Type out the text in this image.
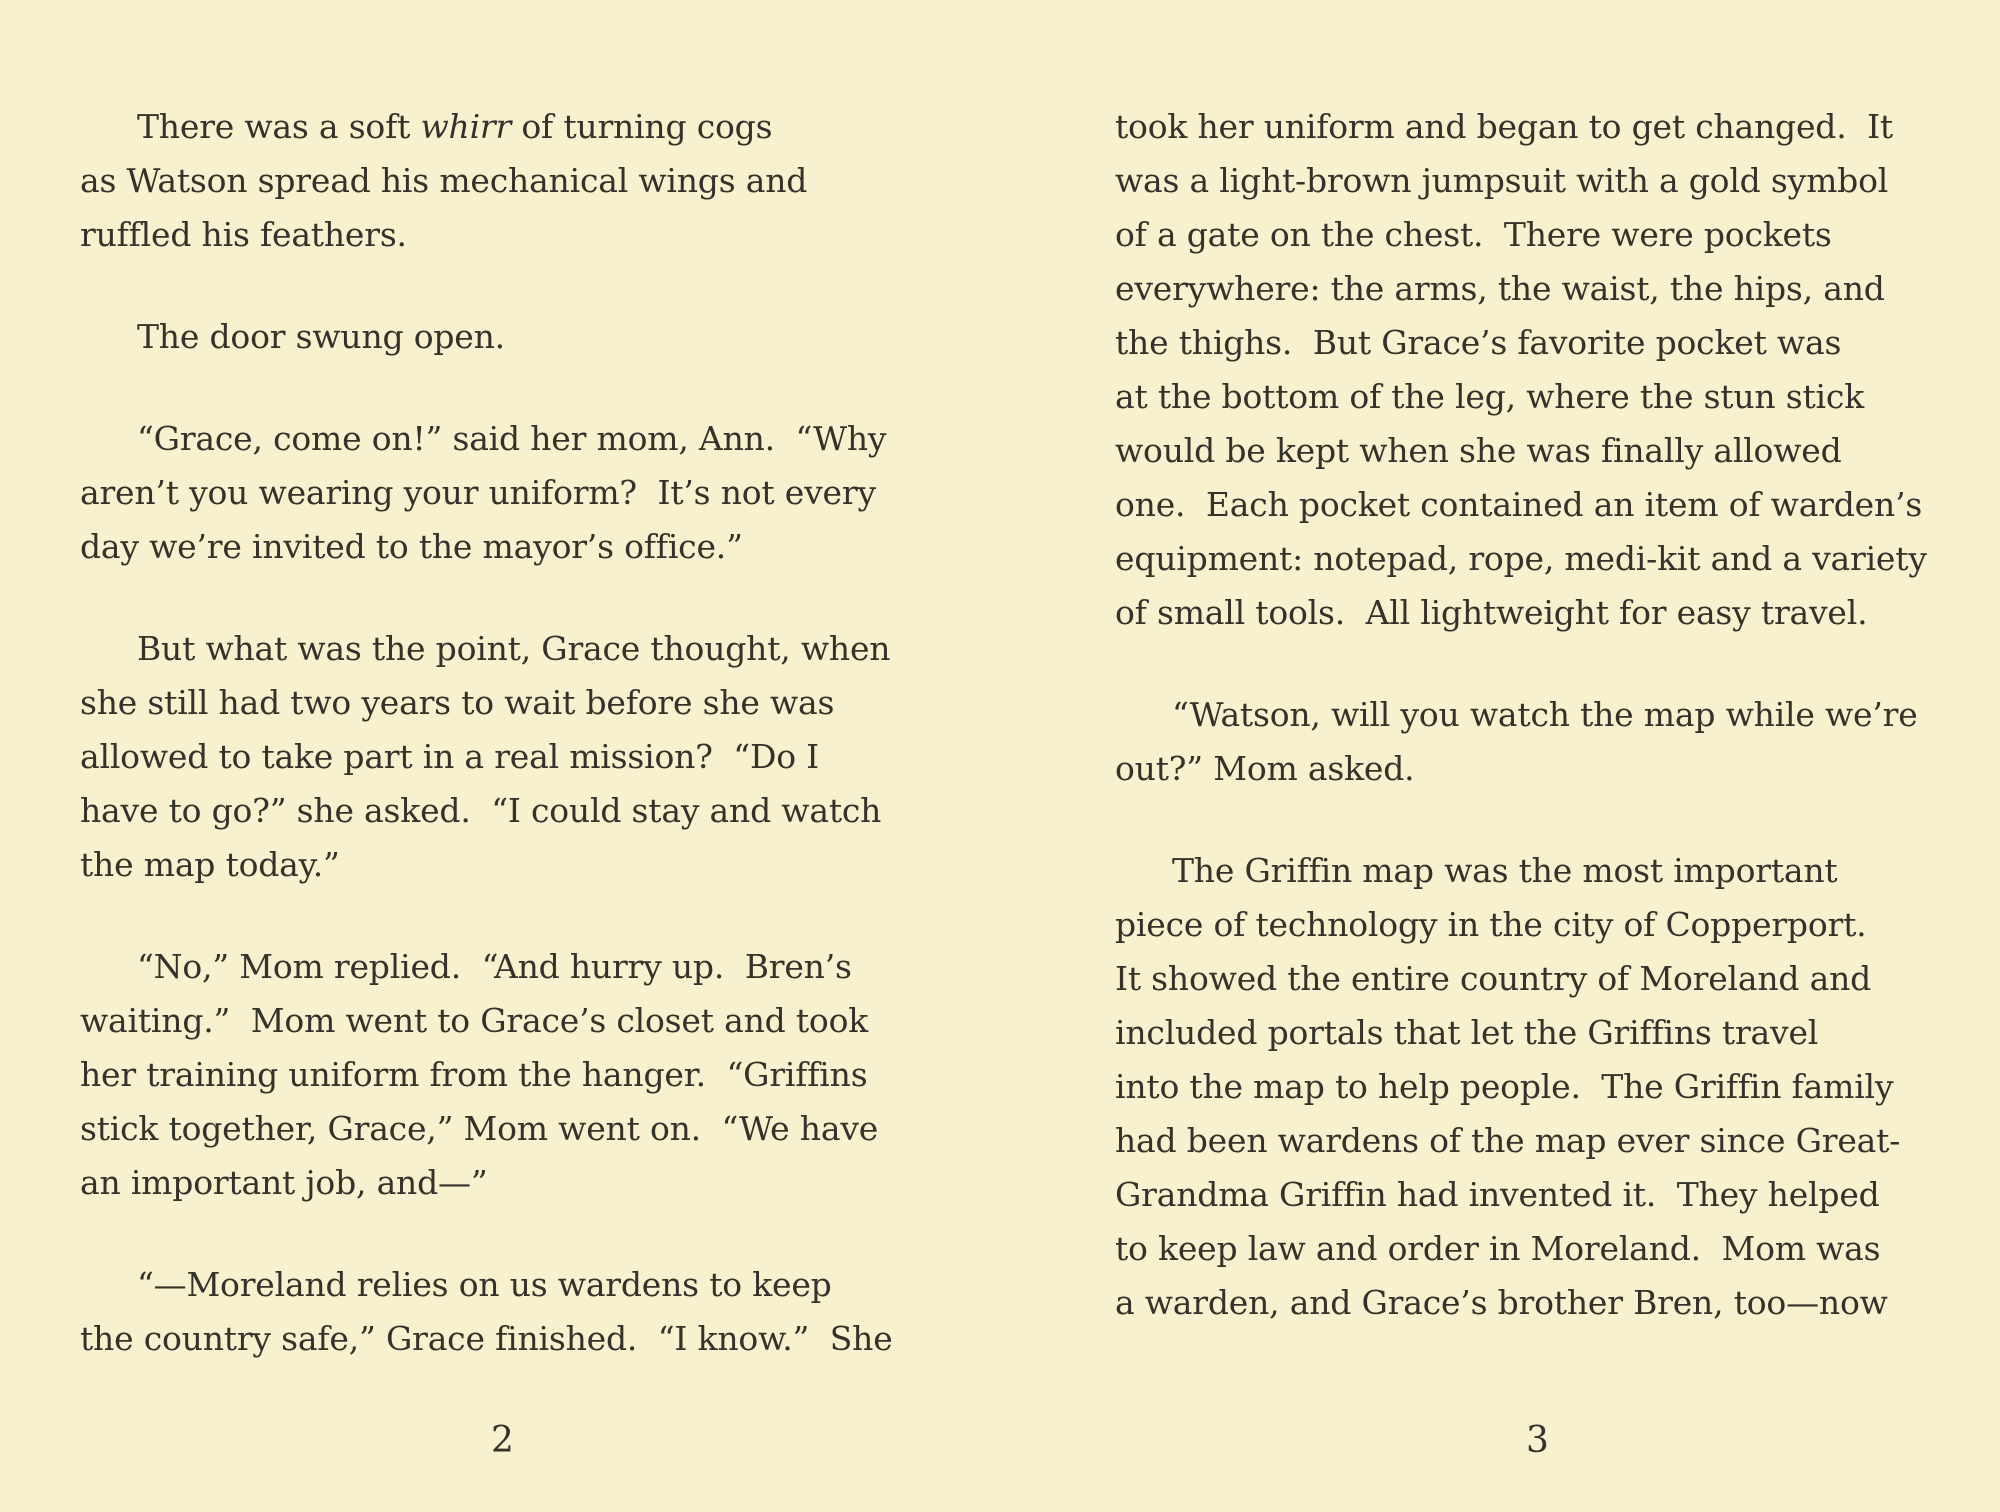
There was a soft whirr of turning cogs
as Watson spread his mechanical wings and
ruffled his feathers.
The door swung open.
“Grace, come on!” said her mom, Ann.  “Why
aren’t you wearing your uniform?  It’s not every
day we’re invited to the mayor’s office.”
But what was the point, Grace thought, when
she still had two years to wait before she was
allowed to take part in a real mission?  “Do I
have to go?” she asked.  “I could stay and watch
the map today.”
“No,” Mom replied.  “And hurry up.  Bren’s
waiting.”  Mom went to Grace’s closet and took
her training uniform from the hanger.  “Griffins
stick together, Grace,” Mom went on.  “We have
an important job, and—”
“—Moreland relies on us wardens to keep
the country safe,” Grace finished.  “I know.”  She
took her uniform and began to get changed.  It
was a light-brown jumpsuit with a gold symbol
of a gate on the chest.  There were pockets
everywhere: the arms, the waist, the hips, and
the thighs.  But Grace’s favorite pocket was
at the bottom of the leg, where the stun stick
would be kept when she was finally allowed
one.  Each pocket contained an item of warden’s
equipment: notepad, rope, medi-kit and a variety
of small tools.  All lightweight for easy travel.
“Watson, will you watch the map while we’re
out?” Mom asked.
The Griffin map was the most important
piece of technology in the city of Copperport.
It showed the entire country of Moreland and
included portals that let the Griffins travel
into the map to help people.  The Griffin family
had been wardens of the map ever since Great-
Grandma Griffin had invented it.  They helped
to keep law and order in Moreland.  Mom was
a warden, and Grace’s brother Bren, too—now
2	3
